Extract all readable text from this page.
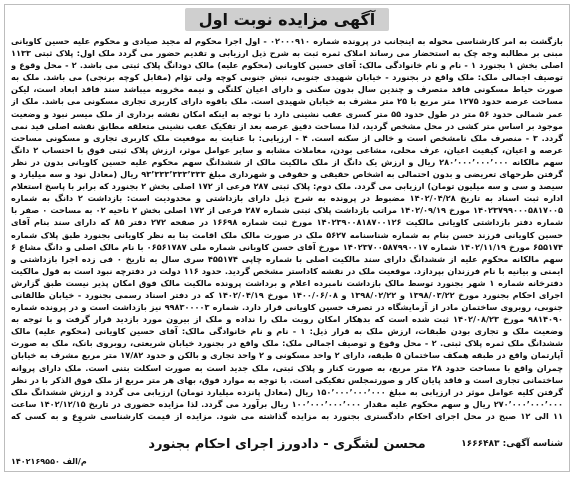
آگهی مزایده نوبت اول
بازگشت به امر کارشناسی محوله به اینجانب در پرونده شماره ۰۲۰۰۰۹۱۰ - اول اجرا محکوم له مجید صیادی و محکوم علیه حسین کاویانی مبنی بر مطالبه وجه چک به استحضار می رساند املاک ثمره ثبت به شرح ذیل ارزیابی و تقدیم حضور می گردد ملک اول: پلاک ثبتی ۱۱۳۳ اصلی بخش ۱ بجنورد ۱ - نام و نام خانوادگی مالک: آقای حسین کاویانی (محکوم علیه) مالک دودانگ پلاک ثبتی می باشد. ۲ - محل وقوع و توصیف اجمالی ملک: ملک واقع در بجنورد - خیابان شهیدی جنوبی، نبش جنوبی کوچه ولی تؤام (مقابل کوچه برنجی) می باشد. ملک به صورت حیاط مسکونی فاقد متصرف و چندین سال بدون سکنی و دارای اعیان کلنگی و نیمه مخروبه میباشد سند فاقد ابعاد است، لیکن مساحت عرصه حدود ۱۲۷۵ متر مربع با ۲۵ متر مشرف به خیابان شهیدی است. ملک باقوه دارای کاربری تجاری مسکونی می باشد. ملک از عمر شمالی حدود ۵۶ متر در طول حدود ۵۵ متر کسری عقب نشینی دارد با توجه به اینکه امکان نقشه برداری از ملک میسر نبود و وضعیت موجود بر اساس متر کشی در محل مشخص گردید، لذا مساحت دقیق عرصه بعد از تفکیک عقب نشینی متعلقه مطابق نقشه اصلی قید نمی گردد. ۳ - منصرف ملک نامشخص است و خالی از سکنه است. ۴ - ارزیابی: با عنایت به موقعیت ملک کاربری تجاری و مسکونی مساحت عرصه و اعیان، کیفیت اعیان، عرف محلی، مشاعی بودن، معاملات مشابه و سایر عوامل موثر، ارزش پلاک ثبتی فوق با احتساب ۲ دانگ سهم مالکانه ۲۸۰٬۰۰۰٬۰۰۰٬۰۰۰ ریال و ارزش یک دانگ از ملک مالکیت مالک از ششدانگ سهم محکوم علیه حسین کاویانی بدون در نظر گرفتن طرحهای تعریضی و بدون احتمالی به اشخاص حقیقی و حقوقی و شهرداری مبلغ ۹۳٬۳۳۳٬۳۳۳٬۳۳۳ ریال (معادل نود و سه میلیارد و سیصد و سی و سه میلیون تومان) ارزیابی می گردد. ملک دوم: پلاک ثبتی ۲۸۷ فرعی از ۱۷۲ اصلی بخش ۲ بجنورد که برابر با پاسخ استعلام اداره ثبت اسناد به تاریخ ۱۴۰۲/۰۴/۲۸ مضبوط در پرونده به شرح ذیل دارای بازداشتی و محدودیت است: بازداشت ۲ دانگ به شماره ۱۴۰۲۳۷۹۹۰۰۰۵۸۱۷۰۰۵ مورخ ۱۴۰۲/۰۹/۱۹ مراتب بازداشت پلاک ثبتی شماره ۲۸۷ فرعی از ۱۷۲ اصلی بخش ۲ ناحیه ۰۲ به مساحت ۰ صفر با شماره دفتر بازداشتی کاویانی مالکیت ۱۴۰۲۳۹۰۰۸۱۸۷۰۰۱۲۶ مورخ ثبت شماره ۱۶۶۹۸ در صفحه ۲۷۲ دفتر ۸۵ که دارای سند بنام آقای حسین کاویانی فرزند حسن بنام به شماره شناسنامه ۵۶۲۷ ملک در صورت مالک ملک اقامت بنا به نظر کاویانی بجنورد طبق پلاک شماره ۶۵۵۱۷۴ مورخ ۱۴۰۲/۱۱/۱۹ شماره ۱۴۰۲۳۷۰۰۵۸۷۹۹۰۰۱۷ مورخ آقای حسن کاویانی شماره ملی ۰۶۵۶۱۷۸۷ با نام مالک اصلی و دانگ مشاع ۶ سهم مالکانه محکوم علیه از ششدانگ دارای سند مالکیت اصلی با شماره چاپی ۴۵۵۱۷۴ سری سال به تاریخ ۰ فی زده اجرا بازداشتی و ایمنی و بیانیه با نام فرزندان بپردازد. موقعیت ملک در نقشه کاداستر مشخص گردید. حدود ۱۱۶ دولت در دفترچه نبود است به قول مالکیت دفترخانه شماره ۱ شهر بجنورد توسط مالک بازداشت نامبرده اعلام و برداشت پرونده مالکیت مالک فوق امکان پذیر نیست طبق گزارش اجرای احکام بجنورد مورخ ۱۳۹۸/۰۳/۲۲ و ۱۳۹۸/۰۲/۲۲ و ۱۴۰۰/۰۶/۰۸ مورخ ۱۴۰۲/۰۴/۱۹ که در دفتر اسناد رسمی بجنورد - خیابان طالقانی جنوبی، روبروی ساختمان مادر از آزمایشگاه در تصرف حسین کاویانی قرار دارد. شماره ۹۹۸۳۰۰۰۰۳ نیز بازداشت است و در پرونده شماره ۹۸۱۴۰۹۰ مورخ ۱۴۰۲/۰۸/۲۳ ثبت شده است که بدهکار امکان رویت ملک را نداده و ملک از بیرون مورد بازدید قرار گرفت و با توجه به وضعیت ملک و تجاری بودن طبقات، ارزش ملک به قرار ذیل: ۱ - نام و نام خانوادگی مالک: آقای حسین کاویانی (محکوم علیه) مالک ششدانگ ملک ثمره پلاک ثبتی. ۲ - محل وقوع و توصیف اجمالی ملک: ملک واقع در بجنورد خیابان شریعتی، روبروی بانک، ملک به صورت آپارتمان واقع در طبقه همکف ساختمان ۵ طبقه، دارای ۲ واحد مسکونی و ۲ واحد تجاری و بالکن و حدود ۱۷/۸۲ متر مربع مشرف به خیابان چمران واقع با مساحت حدود ۲۸ متر مربع، به صورت کنار و پلاک ثبتی، ملک جدید است به صورت اسکلت بتنی است. ملک دارای پروانه ساختمانی تجاری است و فاقد پایان کار و صورتمجلس تفکیکی است. با توجه به موارد فوق، بهای هر متر مربع از ملک فوق الذکر با در نظر گرفتن کلیه عوامل موثر در ارزیابی به مبلغ ۱۵۰٬۰۰۰٬۰۰۰٬۰۰۰ ریال (معادل پانزده میلیارد تومان) ارزیابی می گردد و ارزش ششدانگ ملک ۲۷۰٬۰۰۰٬۰۰۰٬۰۰۰ ریال و سهم محکوم علیه مقدار ۱۰۰٬۰۰۰٬۰۰۰٬۰۰۰ ریال برآورد می گردد. لذا مزایده حضوری در تاریخ ۱۴۰۲/۱۲/۱۵ ساعت ۱۱ الی ۱۲ صبح در محل اجرای احکام دادگستری بجنورد به مزایده گذاشته می شود. مزایده از قیمت کارشناسی شروع و به کسی که
شناسه آگهی: ۱۶۶۶۴۸۳
محسن لشگری - دادورز اجرای احکام بجنورد
۱۴۰۲۱۶۹۵۵۰ م/الف
